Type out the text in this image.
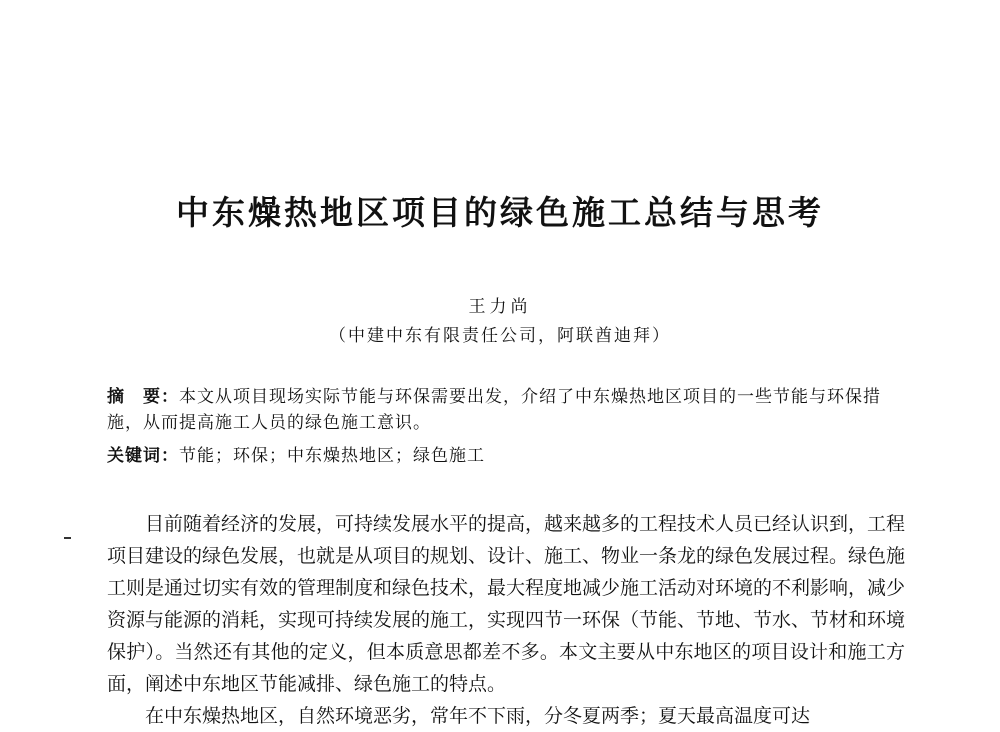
中东燥热地区项目的绿色施工总结与思考
王力尚
（中建中东有限责任公司，阿联酋迪拜）
摘　要：本文从项目现场实际节能与环保需要出发，介绍了中东燥热地区项目的一些节能与环保措施，从而提高施工人员的绿色施工意识。
关键词：节能；环保；中东燥热地区；绿色施工

目前随着经济的发展，可持续发展水平的提高，越来越多的工程技术人员已经认识到，工程项目建设的绿色发展，也就是从项目的规划、设计、施工、物业一条龙的绿色发展过程。绿色施工则是通过切实有效的管理制度和绿色技术，最大程度地减少施工活动对环境的不利影响，减少资源与能源的消耗，实现可持续发展的施工，实现四节一环保（节能、节地、节水、节材和环境保护）。当然还有其他的定义，但本质意思都差不多。本文主要从中东地区的项目设计和施工方面，阐述中东地区节能减排、绿色施工的特点。

在中东燥热地区，自然环境恶劣，常年不下雨，分冬夏两季；夏天最高温度可达
